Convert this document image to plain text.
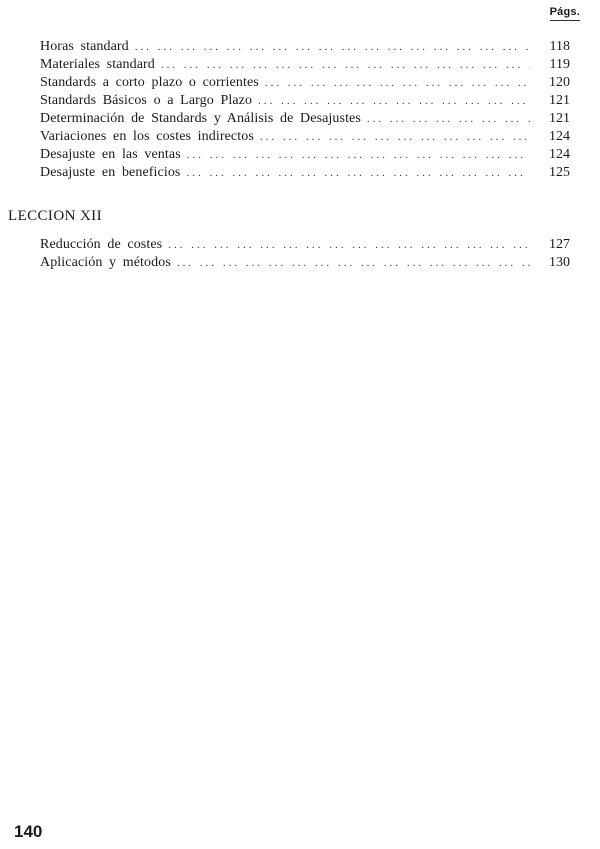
Págs.
Horas standard ... .	118
Materiales standard ... .	119
Standards a corto plazo o corrientes ... .	120
Standards Básicos o a Largo Plazo ... .	121
Determinación de Standards y Análisis de Desajustes ... .	121
Variaciones en los costes indirectos ... .	124
Desajuste en las ventas ... .	124
Desajuste en beneficios ... .	125
LECCION XII
Reducción de costes ... .	127
Aplicación y métodos ... .	130
140
